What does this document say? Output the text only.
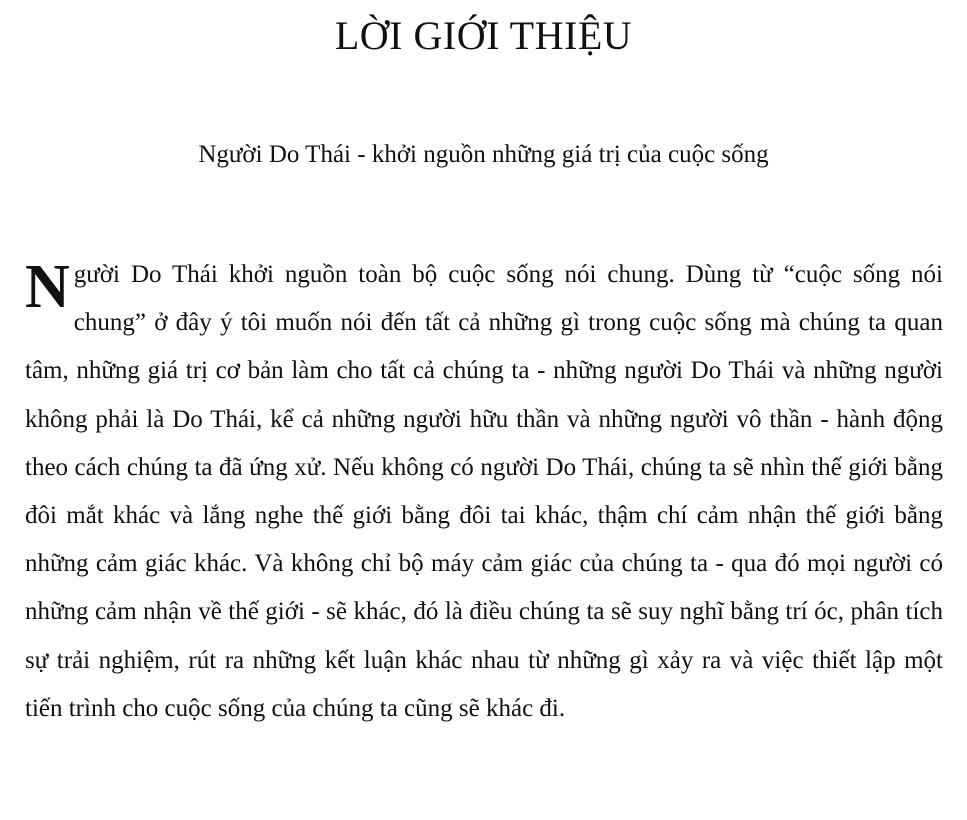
LỜI GIỚI THIỆU

Người Do Thái - khởi nguồn những giá trị của cuộc sống

Người Do Thái khởi nguồn toàn bộ cuộc sống nói chung. Dùng từ “cuộc sống nói chung” ở đây ý tôi muốn nói đến tất cả những gì trong cuộc sống mà chúng ta quan tâm, những giá trị cơ bản làm cho tất cả chúng ta - những người Do Thái và những người không phải là Do Thái, kể cả những người hữu thần và những người vô thần - hành động theo cách chúng ta đã ứng xử. Nếu không có người Do Thái, chúng ta sẽ nhìn thế giới bằng đôi mắt khác và lắng nghe thế giới bằng đôi tai khác, thậm chí cảm nhận thế giới bằng những cảm giác khác. Và không chỉ bộ máy cảm giác của chúng ta - qua đó mọi người có những cảm nhận về thế giới - sẽ khác, đó là điều chúng ta sẽ suy nghĩ bằng trí óc, phân tích sự trải nghiệm, rút ra những kết luận khác nhau từ những gì xảy ra và việc thiết lập một tiến trình cho cuộc sống của chúng ta cũng sẽ khác đi.
